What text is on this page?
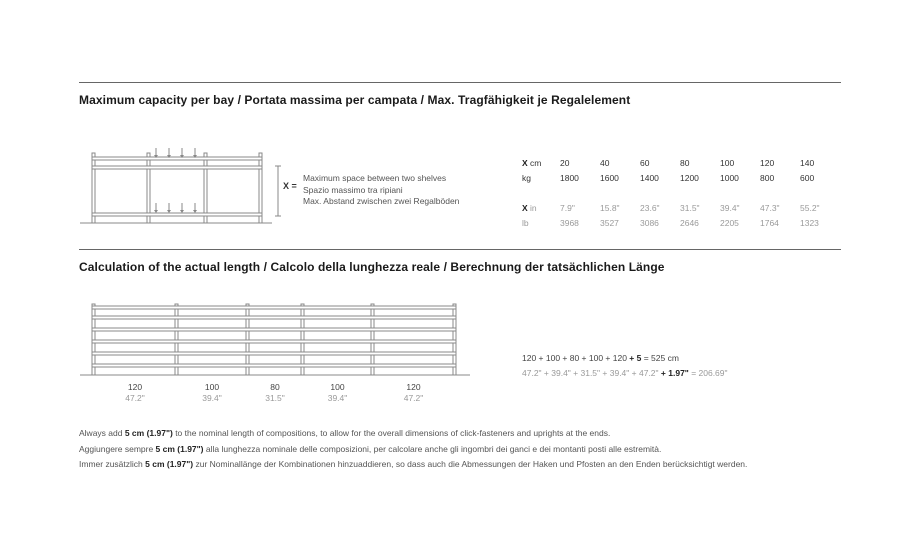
Maximum capacity per bay / Portata massima per campata / Max. Tragfähigkeit je Regalelement
X =
Maximum space between two shelves
Spazio massimo tra ripiani
Max. Abstand zwischen zwei Regalböden
X cm	20	40	60	80	100	120	140
kg	1800	1600	1400	1200	1000	800	600

X in	7.9"	15.8"	23.6"	31.5"	39.4"	47.3"	55.2"
lb	3968	3527	3086	2646	2205	1764	1323
Calculation of the actual length / Calcolo della lunghezza reale / Berechnung der tatsächlichen Länge
120
47.2"
100
39.4"
80
31.5"
100
39.4"
120
47.2"
120 + 100 + 80 + 100 + 120 + 5 = 525 cm
47.2" + 39.4" + 31.5" + 39.4" + 47.2" + 1.97" = 206.69"
Always add 5 cm (1.97") to the nominal length of compositions, to allow for the overall dimensions of click-fasteners and uprights at the ends.
Aggiungere sempre 5 cm (1.97") alla lunghezza nominale delle composizioni, per calcolare anche gli ingombri dei ganci e dei montanti posti alle estremità.
Immer zusätzlich 5 cm (1.97") zur Nominallänge der Kombinationen hinzuaddieren, so dass auch die Abmessungen der Haken und Pfosten an den Enden berücksichtigt werden.
